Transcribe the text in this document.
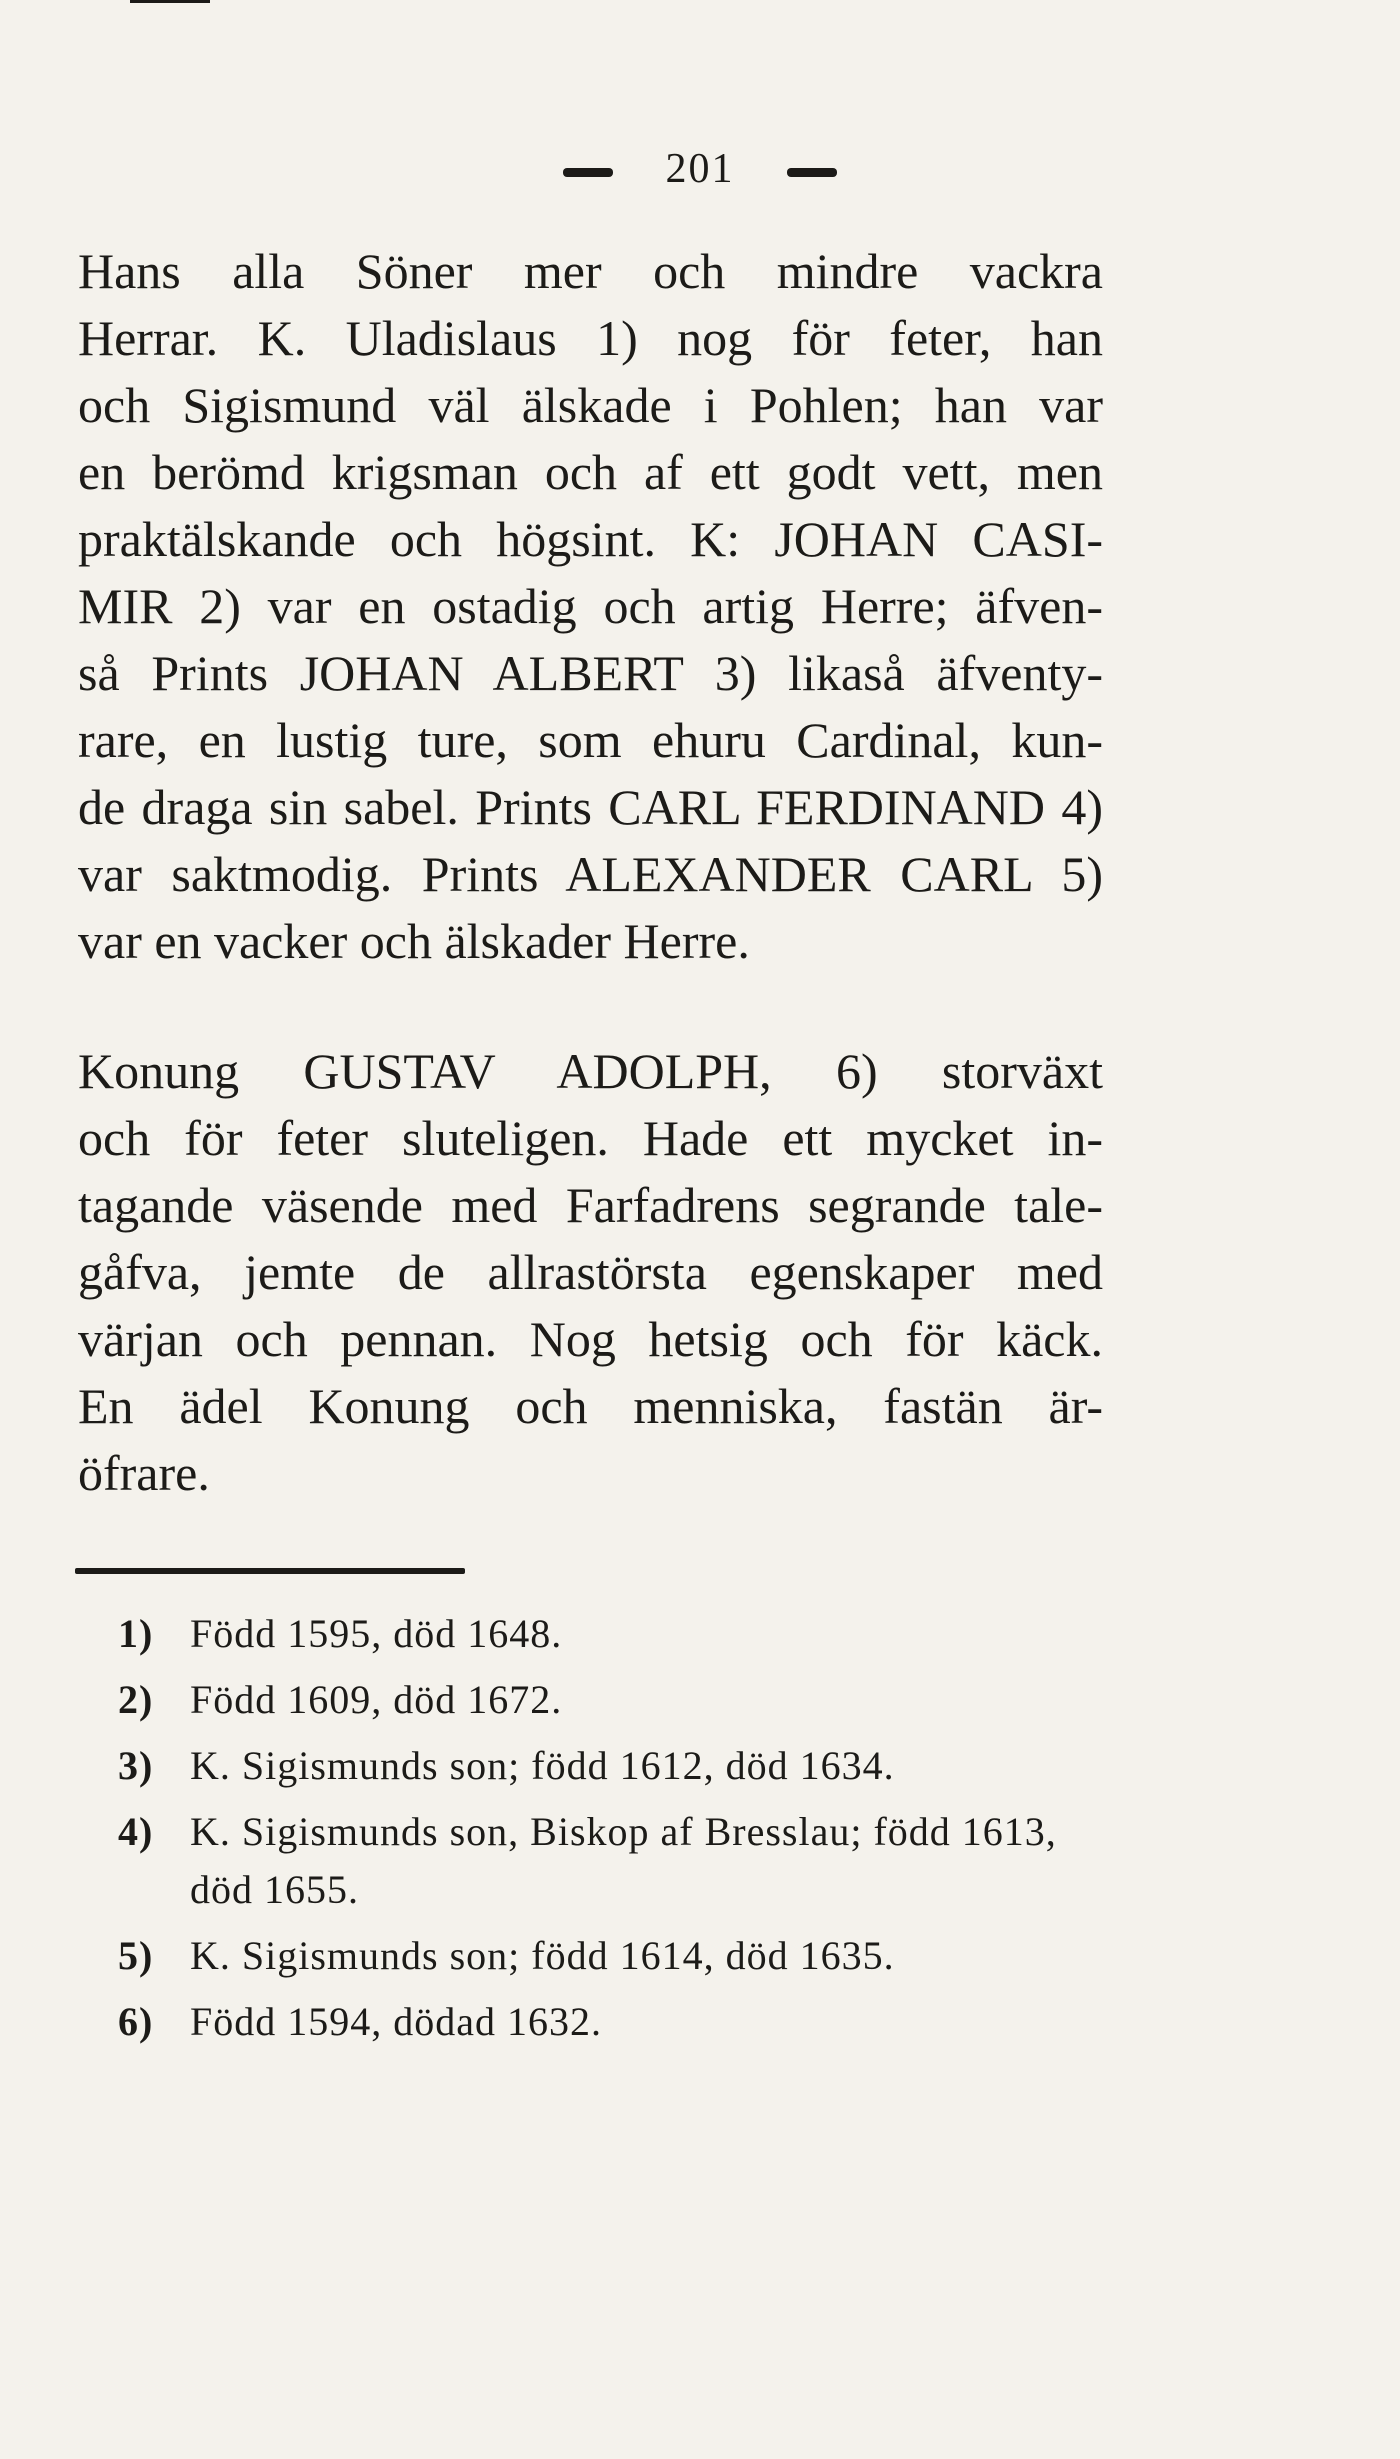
201

Hans alla Söner mer och mindre vackra
Herrar. K. Uladislaus 1) nog för feter, han
och Sigismund väl älskade i Pohlen; han var
en berömd krigsman och af ett godt vett, men
praktälskande och högsint. K: JOHAN CASI-
MIR 2) var en ostadig och artig Herre; äfven-
så Prints JOHAN ALBERT 3) likaså äfventy-
rare, en lustig ture, som ehuru Cardinal, kun-
de draga sin sabel. Prints CARL FERDINAND 4)
var saktmodig. Prints ALEXANDER CARL 5)
var en vacker och älskader Herre.

Konung GUSTAV ADOLPH, 6) storväxt
och för feter sluteligen. Hade ett mycket in-
tagande väsende med Farfadrens segrande tale-
gåfva, jemte de allrastörsta egenskaper med
värjan och pennan. Nog hetsig och för käck.
En ädel Konung och menniska, fastän är-
öfrare.

1) Född 1595, död 1648.
2) Född 1609, död 1672.
3) K. Sigismunds son; född 1612, död 1634.
4) K. Sigismunds son, Biskop af Bresslau; född 1613, död 1655.
5) K. Sigismunds son; född 1614, död 1635.
6) Född 1594, dödad 1632.
